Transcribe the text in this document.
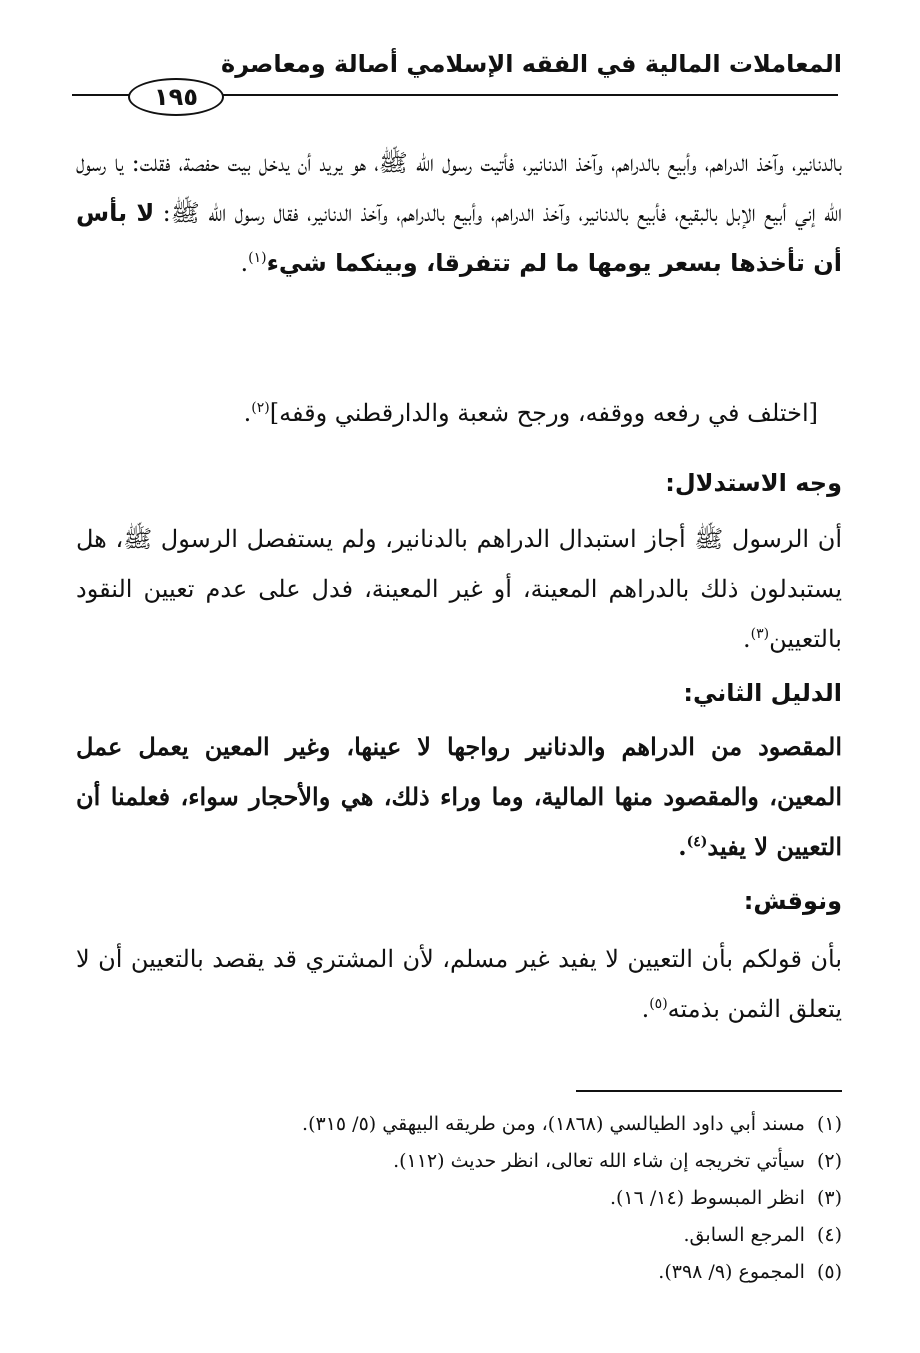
المعاملات المالية في الفقه الإسلامي أصالة ومعاصرة
١٩٥

بالدنانير، وآخذ الدراهم، وأبيع بالدراهم، وآخذ الدنانير، فأتيت رسول الله ﷺ، هو يريد أن يدخل بيت حفصة، فقلت: يا رسول الله إني أبيع الإبل بالبقيع، فأبيع بالدنانير، وآخذ الدراهم، وأبيع بالدراهم، وآخذ الدنانير، فقال رسول الله ﷺ: لا بأس أن تأخذها بسعر يومها ما لم تتفرقا، وبينكما شيء$^{(١)}$.

[اختلف في رفعه ووقفه، ورجح شعبة والدارقطني وقفه]$^{(٢)}$.

وجه الاستدلال:

أن الرسول ﷺ أجاز استبدال الدراهم بالدنانير، ولم يستفصل الرسول ﷺ، هل يستبدلون ذلك بالدراهم المعينة، أو غير المعينة، فدل على عدم تعيين النقود بالتعيين$^{(٣)}$.

الدليل الثاني:

المقصود من الدراهم والدنانير رواجها لا عينها، وغير المعين يعمل عمل المعين، والمقصود منها المالية، وما وراء ذلك، هي والأحجار سواء، فعلمنا أن التعيين لا يفيد$^{(٤)}$.

ونوقش:

بأن قولكم بأن التعيين لا يفيد غير مسلم، لأن المشتري قد يقصد بالتعيين أن لا يتعلق الثمن بذمته$^{(٥)}$.

(١)مسند أبي داود الطيالسي (١٨٦٨)، ومن طريقه البيهقي (٥/ ٣١٥).
(٢)سيأتي تخريجه إن شاء الله تعالى، انظر حديث (١١٢).
(٣)انظر المبسوط (١٤/ ١٦).
(٤)المرجع السابق.
(٥)المجموع (٩/ ٣٩٨).
